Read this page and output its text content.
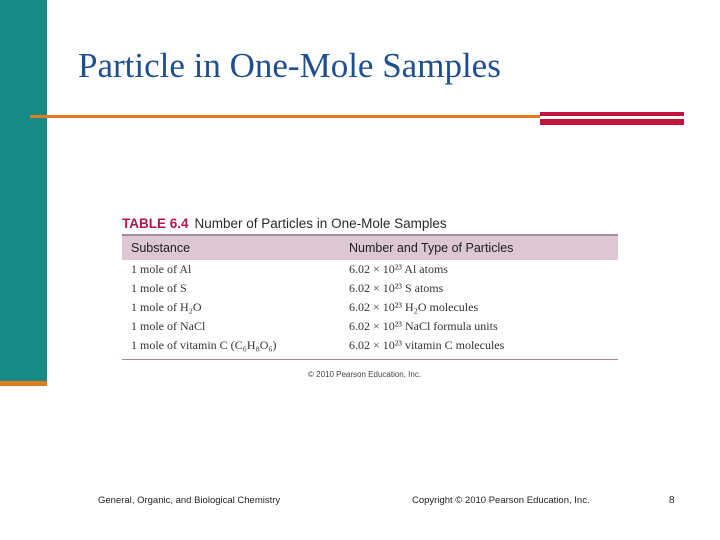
Particle in One-Mole Samples
TABLE 6.4 Number of Particles in One-Mole Samples
Substance	Number and Type of Particles
1 mole of Al	6.02 × 10²³ Al atoms
1 mole of S	6.02 × 10²³ S atoms
1 mole of H₂O	6.02 × 10²³ H₂O molecules
1 mole of NaCl	6.02 × 10²³ NaCl formula units
1 mole of vitamin C (C₆H₈O₆)	6.02 × 10²³ vitamin C molecules
© 2010 Pearson Education, Inc.
General, Organic, and Biological Chemistry	Copyright © 2010 Pearson Education, Inc.	8
